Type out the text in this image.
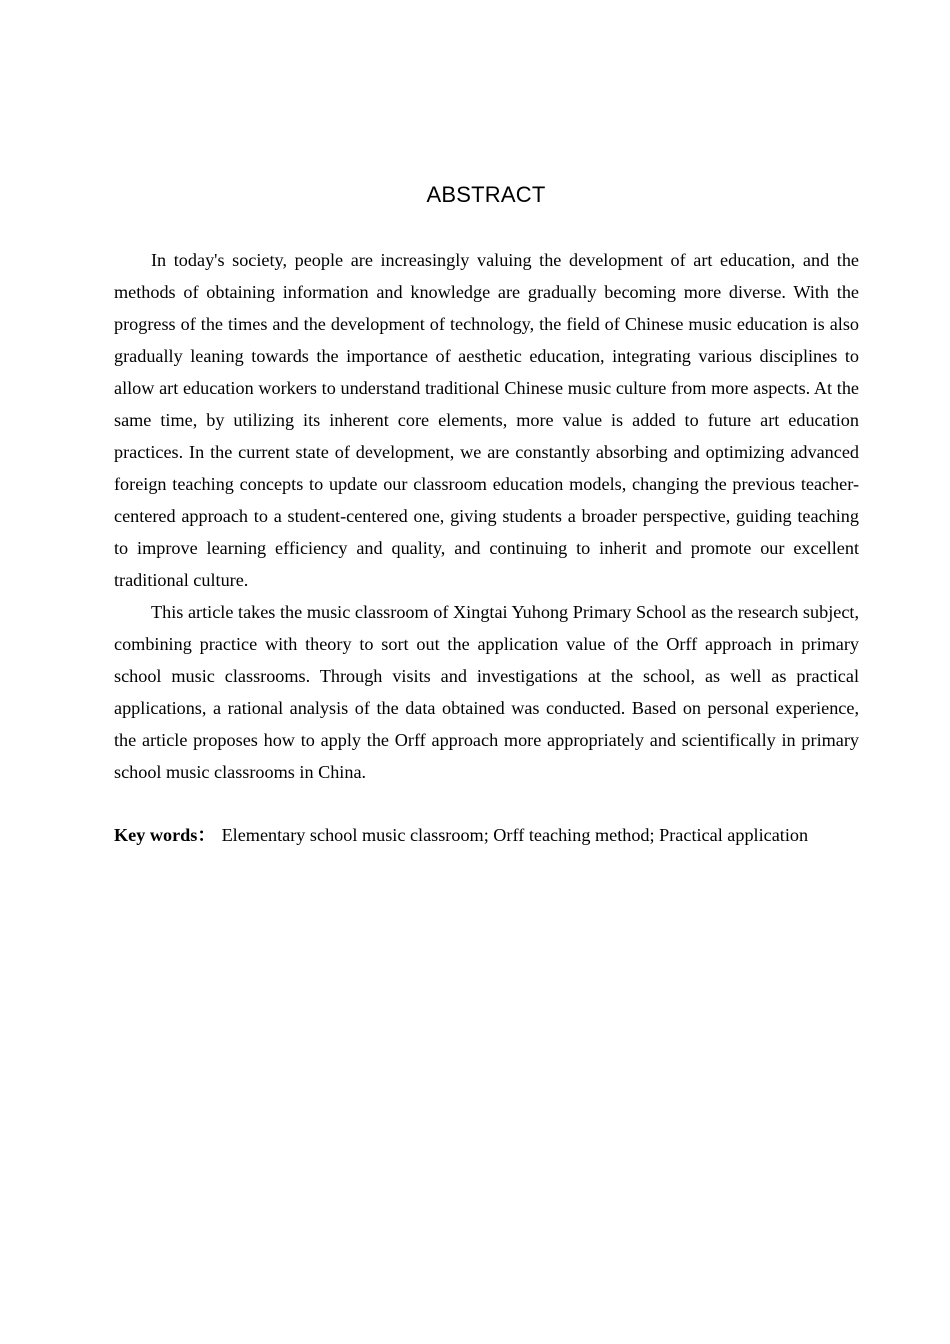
ABSTRACT

In today's society, people are increasingly valuing the development of art education, and the methods of obtaining information and knowledge are gradually becoming more diverse. With the progress of the times and the development of technology, the field of Chinese music education is also gradually leaning towards the importance of aesthetic education, integrating various disciplines to allow art education workers to understand traditional Chinese music culture from more aspects. At the same time, by utilizing its inherent core elements, more value is added to future art education practices. In the current state of development, we are constantly absorbing and optimizing advanced foreign teaching concepts to update our classroom education models, changing the previous teacher-centered approach to a student-centered one, giving students a broader perspective, guiding teaching to improve learning efficiency and quality, and continuing to inherit and promote our excellent traditional culture.

This article takes the music classroom of Xingtai Yuhong Primary School as the research subject, combining practice with theory to sort out the application value of the Orff approach in primary school music classrooms. Through visits and investigations at the school, as well as practical applications, a rational analysis of the data obtained was conducted. Based on personal experience, the article proposes how to apply the Orff approach more appropriately and scientifically in primary school music classrooms in China.

Key words： Elementary school music classroom; Orff teaching method; Practical application
